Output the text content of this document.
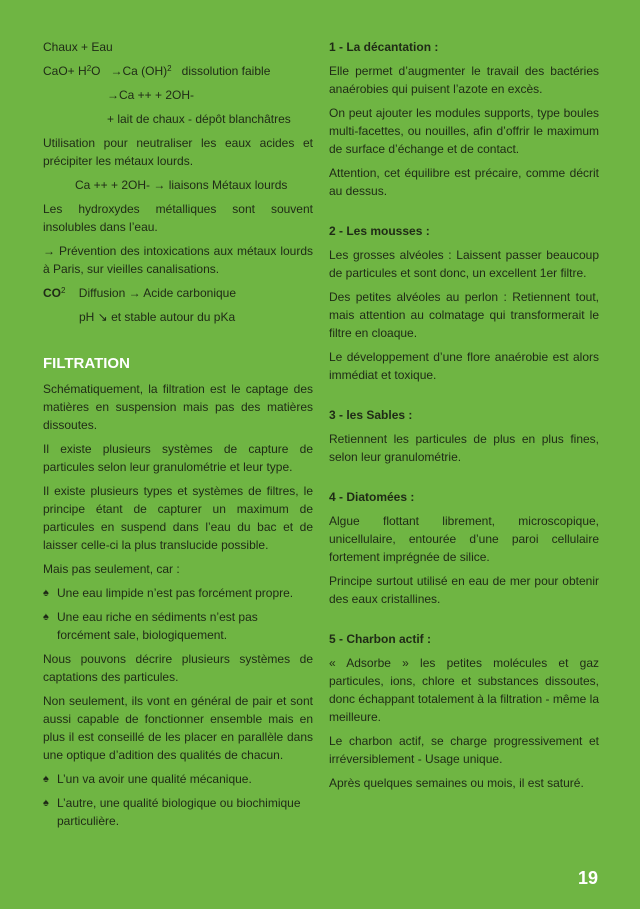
Chaux + Eau

$CaO+ H^2O \to Ca$ (OH)$^2$ dissolution faible

→Ca ++ + 2OH-

+ lait de chaux - dépôt blanchâtres

Utilisation pour neutraliser les eaux acides et précipiter les métaux lourds.

Ca ++ + 2OH- → liaisons Métaux lourds

Les hydroxydes métalliques sont souvent insolubles dans l’eau.

→ Prévention des intoxications aux métaux lourds à Paris, sur vieilles canalisations.

$CO^2$ Diffusion → Acide carbonique

pH ↘ et stable autour du pKa

FILTRATION

Schématiquement, la filtration est le captage des matières en suspension mais pas des matières dissoutes.

Il existe plusieurs systèmes de capture de particules selon leur granulométrie et leur type.

Il existe plusieurs types et systèmes de filtres, le principe étant de capturer un maximum de particules en suspend dans l’eau du bac et de laisser celle-ci la plus translucide possible.

Mais pas seulement, car :

♠ Une eau limpide n’est pas forcément propre.

♠ Une eau riche en sédiments n’est pas forcément sale, biologiquement.

Nous pouvons décrire plusieurs systèmes de captations des particules.

Non seulement, ils vont en général de pair et sont aussi capable de fonctionner ensemble mais en plus il est conseillé de les placer en parallèle dans une optique d’adition des qualités de chacun.

♠ L’un va avoir une qualité mécanique.

♠ L’autre, une qualité biologique ou biochimique particulière.

1 - La décantation :

Elle permet d’augmenter le travail des bactéries anaérobies qui puisent l’azote en excès.

On peut ajouter les modules supports, type boules multi-facettes, ou nouilles, afin d’offrir le maximum de surface d’échange et de contact.

Attention, cet équilibre est précaire, comme décrit au dessus.

2 - Les mousses :

Les grosses alvéoles : Laissent passer beaucoup de particules et sont donc, un excellent 1er filtre.

Des petites alvéoles au perlon : Retiennent tout, mais attention au colmatage qui transformerait le filtre en cloaque.

Le développement d’une flore anaérobie est alors immédiat et toxique.

3 - les Sables :

Retiennent les particules de plus en plus fines, selon leur granulométrie.

4 - Diatomées :

Algue flottant librement, microscopique, unicellulaire, entourée d’une paroi cellulaire fortement imprégnée de silice.

Principe surtout utilisé en eau de mer pour obtenir des eaux cristallines.

5 - Charbon actif :

« Adsorbe » les petites molécules et gaz particules, ions, chlore et substances dissoutes, donc échappant totalement à la filtration - même la meilleure.

Le charbon actif, se charge progressivement et irréversiblement - Usage unique.

Après quelques semaines ou mois, il est saturé.

19
